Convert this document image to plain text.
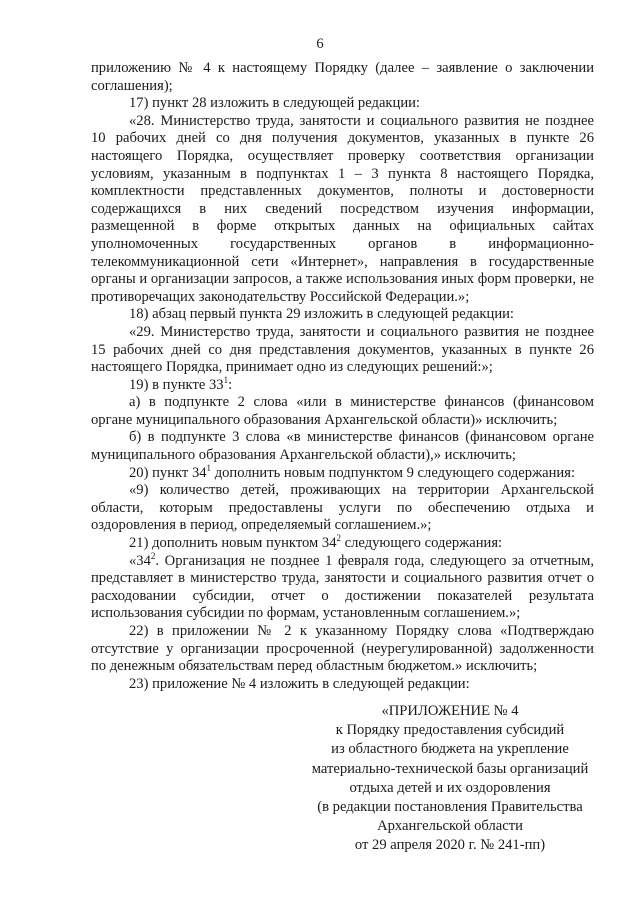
6

приложению № 4 к настоящему Порядку (далее – заявление о заключении соглашения);

17) пункт 28 изложить в следующей редакции:

«28. Министерство труда, занятости и социального развития не позднее 10 рабочих дней со дня получения документов, указанных в пункте 26 настоящего Порядка, осуществляет проверку соответствия организации условиям, указанным в подпунктах 1 – 3 пункта 8 настоящего Порядка, комплектности представленных документов, полноты и достоверности содержащихся в них сведений посредством изучения информации, размещенной в форме открытых данных на официальных сайтах уполномоченных государственных органов в информационно-телекоммуникационной сети «Интернет», направления в государственные органы и организации запросов, а также использования иных форм проверки, не противоречащих законодательству Российской Федерации.»;

18) абзац первый пункта 29 изложить в следующей редакции:

«29. Министерство труда, занятости и социального развития не позднее 15 рабочих дней со дня представления документов, указанных в пункте 26 настоящего Порядка, принимает одно из следующих решений:»;

19) в пункте $33^1$:

а) в подпункте 2 слова «или в министерстве финансов (финансовом органе муниципального образования Архангельской области)» исключить;

б) в подпункте 3 слова «в министерстве финансов (финансовом органе муниципального образования Архангельской области),» исключить;

20) пункт $34^1$ дополнить новым подпунктом 9 следующего содержания:

«9) количество детей, проживающих на территории Архангельской области, которым предоставлены услуги по обеспечению отдыха и оздоровления в период, определяемый соглашением.»;

21) дополнить новым пунктом $34^2$ следующего содержания:

«$34^2$. Организация не позднее 1 февраля года, следующего за отчетным, представляет в министерство труда, занятости и социального развития отчет о расходовании субсидии, отчет о достижении показателей результата использования субсидии по формам, установленным соглашением.»;

22) в приложении № 2 к указанному Порядку слова «Подтверждаю отсутствие у организации просроченной (неурегулированной) задолженности по денежным обязательствам перед областным бюджетом.» исключить;

23) приложение № 4 изложить в следующей редакции:

«ПРИЛОЖЕНИЕ № 4
к Порядку предоставления субсидий
из областного бюджета на укрепление
материально-технической базы организаций
отдыха детей и их оздоровления
(в редакции постановления Правительства
Архангельской области
от 29 апреля 2020 г. № 241-пп)
